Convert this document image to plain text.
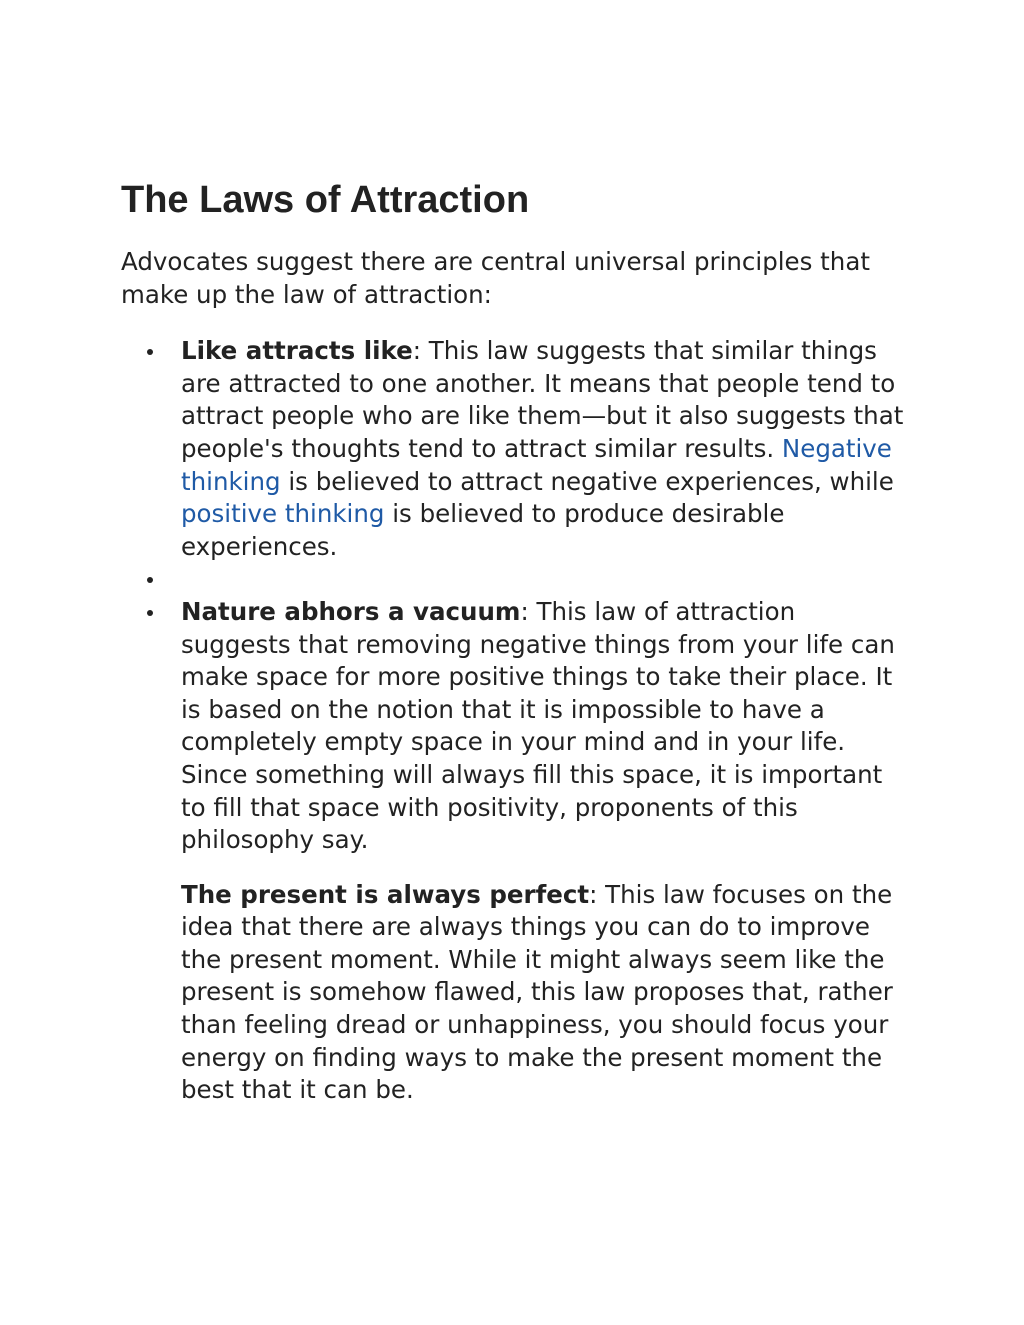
The Laws of Attraction

Advocates suggest there are central universal principles that make up the law of attraction:

Like attracts like: This law suggests that similar things are attracted to one another. It means that people tend to attract people who are like them—but it also suggests that people's thoughts tend to attract similar results. Negative thinking is believed to attract negative experiences, while positive thinking is believed to produce desirable experiences.
Nature abhors a vacuum: This law of attraction suggests that removing negative things from your life can make space for more positive things to take their place. It is based on the notion that it is impossible to have a completely empty space in your mind and in your life. Since something will always fill this space, it is important to fill that space with positivity, proponents of this philosophy say.

The present is always perfect: This law focuses on the idea that there are always things you can do to improve the present moment. While it might always seem like the present is somehow flawed, this law proposes that, rather than feeling dread or unhappiness, you should focus your energy on finding ways to make the present moment the best that it can be.
